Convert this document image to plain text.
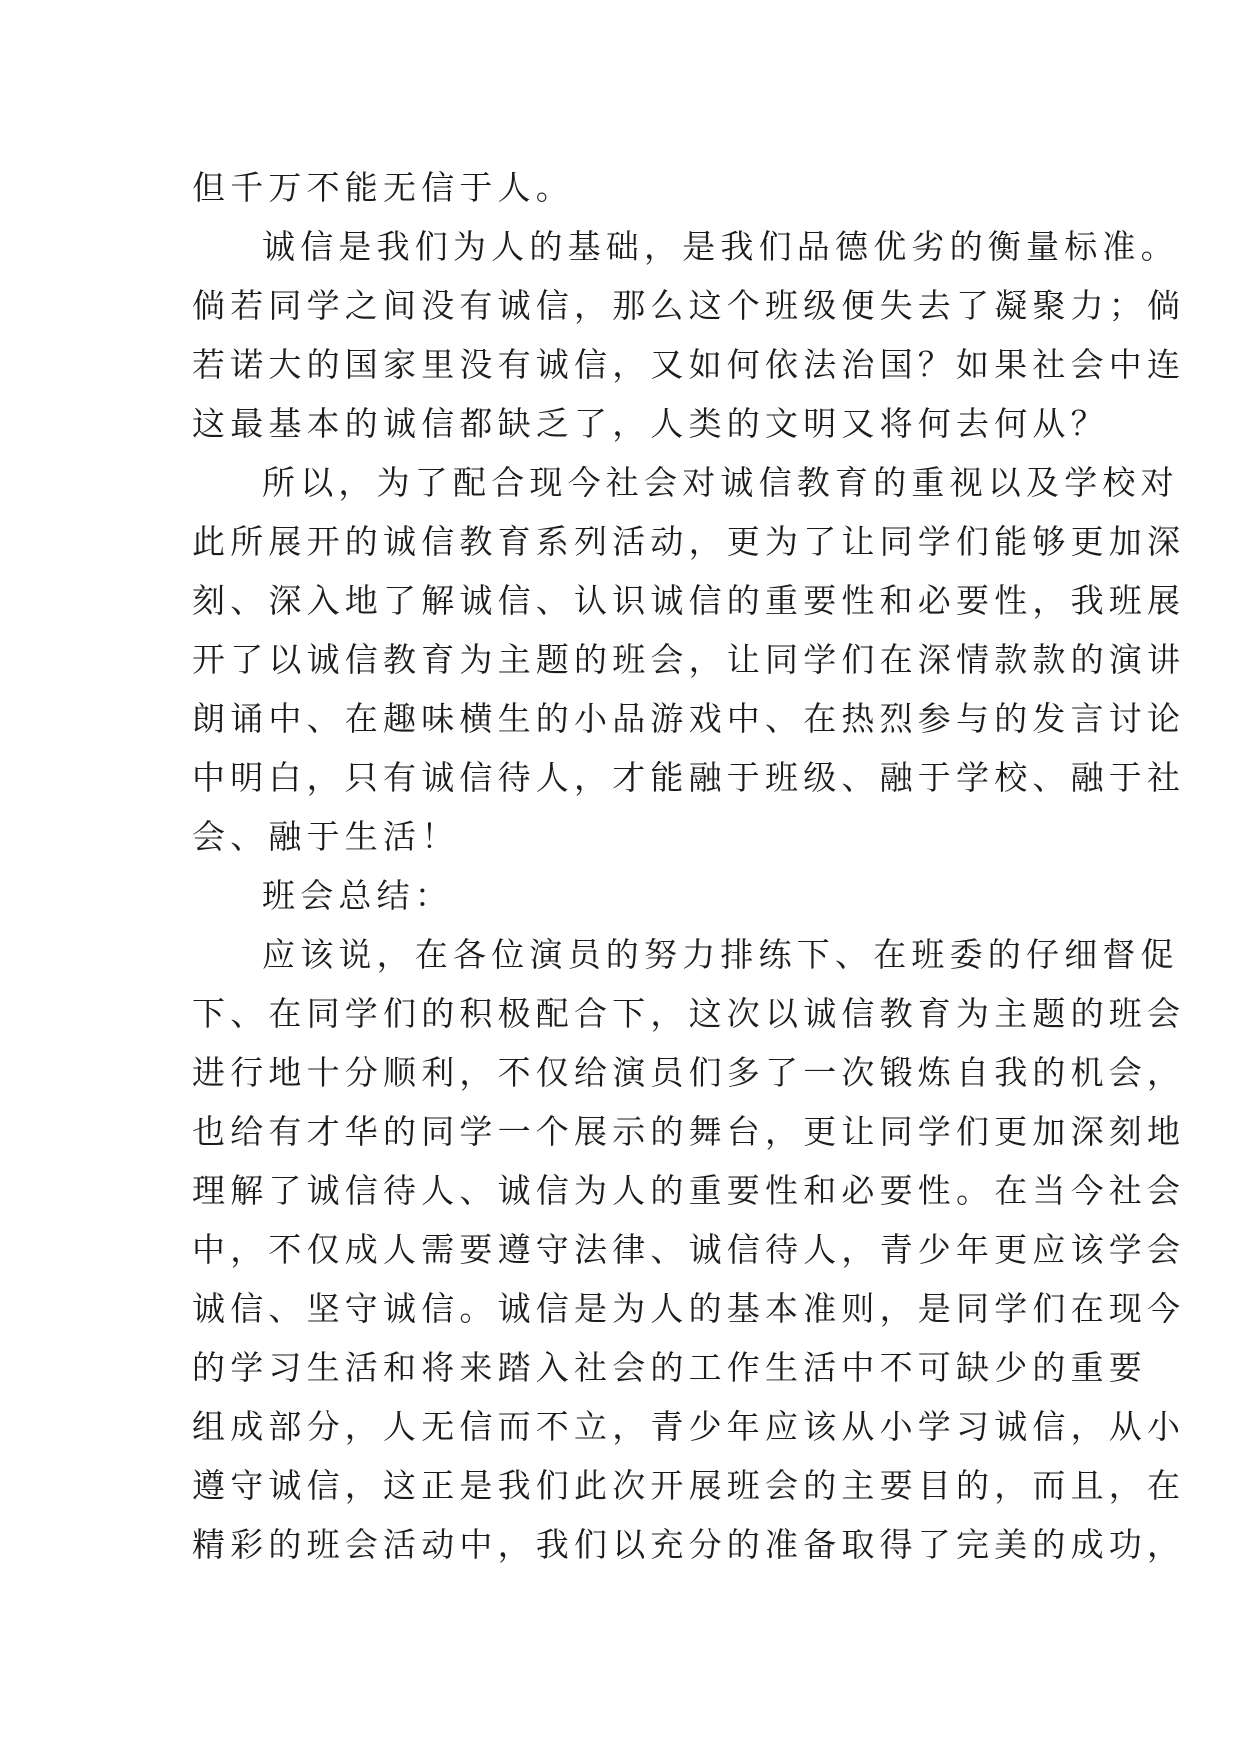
但千万不能无信于人。
诚信是我们为人的基础，是我们品德优劣的衡量标准。
倘若同学之间没有诚信，那么这个班级便失去了凝聚力；倘
若诺大的国家里没有诚信，又如何依法治国？如果社会中连
这最基本的诚信都缺乏了，人类的文明又将何去何从？
所以，为了配合现今社会对诚信教育的重视以及学校对
此所展开的诚信教育系列活动，更为了让同学们能够更加深
刻、深入地了解诚信、认识诚信的重要性和必要性，我班展
开了以诚信教育为主题的班会，让同学们在深情款款的演讲
朗诵中、在趣味横生的小品游戏中、在热烈参与的发言讨论
中明白，只有诚信待人，才能融于班级、融于学校、融于社
会、融于生活！
班会总结：
应该说，在各位演员的努力排练下、在班委的仔细督促
下、在同学们的积极配合下，这次以诚信教育为主题的班会
进行地十分顺利，不仅给演员们多了一次锻炼自我的机会，
也给有才华的同学一个展示的舞台，更让同学们更加深刻地
理解了诚信待人、诚信为人的重要性和必要性。在当今社会
中，不仅成人需要遵守法律、诚信待人，青少年更应该学会
诚信、坚守诚信。诚信是为人的基本准则，是同学们在现今
的学习生活和将来踏入社会的工作生活中不可缺少的重要
组成部分，人无信而不立，青少年应该从小学习诚信，从小
遵守诚信，这正是我们此次开展班会的主要目的，而且，在
精彩的班会活动中，我们以充分的准备取得了完美的成功，
